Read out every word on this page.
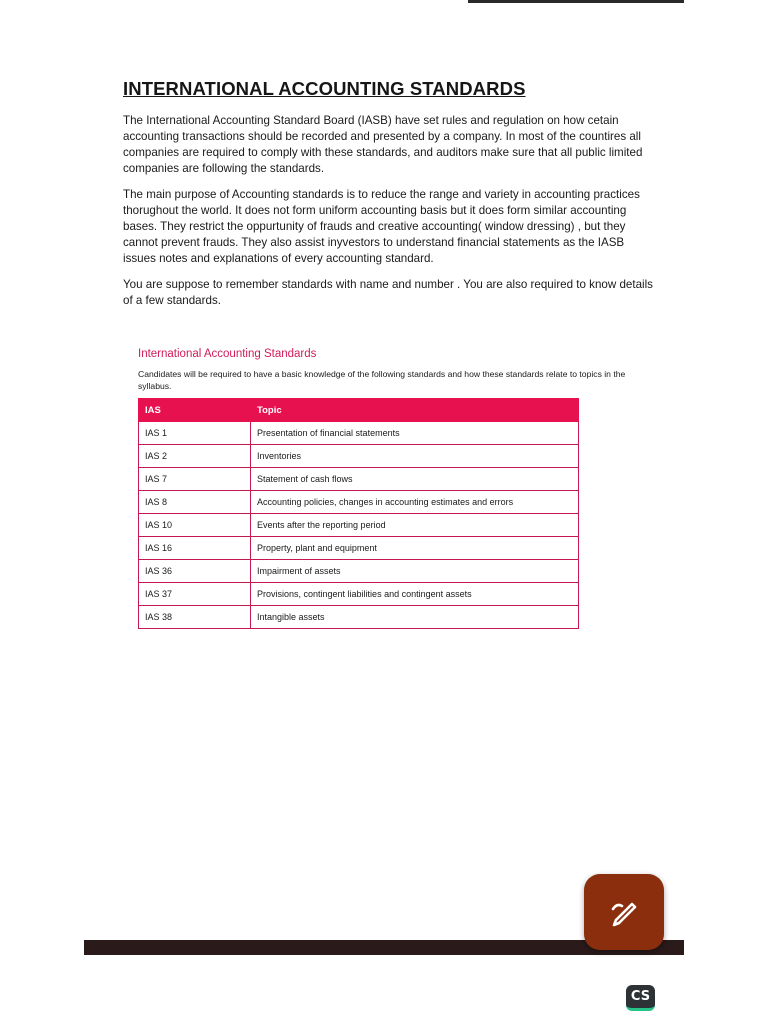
INTERNATIONAL ACCOUNTING STANDARDS

The International Accounting Standard Board (IASB) have set rules and regulation on how cetain accounting transactions should be recorded and presented by a company. In most of the countires all companies are required to comply with these standards, and auditors make sure that all public limited companies are following the standards.

The main purpose of Accounting standards is to reduce the range and variety in accounting practices thorughout the world. It does not form uniform accounting basis but it does form similar accounting bases. They restrict the oppurtunity of frauds and creative accounting( window dressing) , but they cannot prevent frauds. They also assist inyvestors to understand financial statements as the IASB issues notes and explanations of every accounting standard.

You are suppose to remember standards with name and number . You are also required to know details of a few standards.

International Accounting Standards
Candidates will be required to have a basic knowledge of the following standards and how these standards relate to topics in the syllabus.
IAS	Topic
IAS 1	Presentation of financial statements
IAS 2	Inventories
IAS 7	Statement of cash flows
IAS 8	Accounting policies, changes in accounting estimates and errors
IAS 10	Events after the reporting period
IAS 16	Property, plant and equipment
IAS 36	Impairment of assets
IAS 37	Provisions, contingent liabilities and contingent assets
IAS 38	Intangible assets
CS
